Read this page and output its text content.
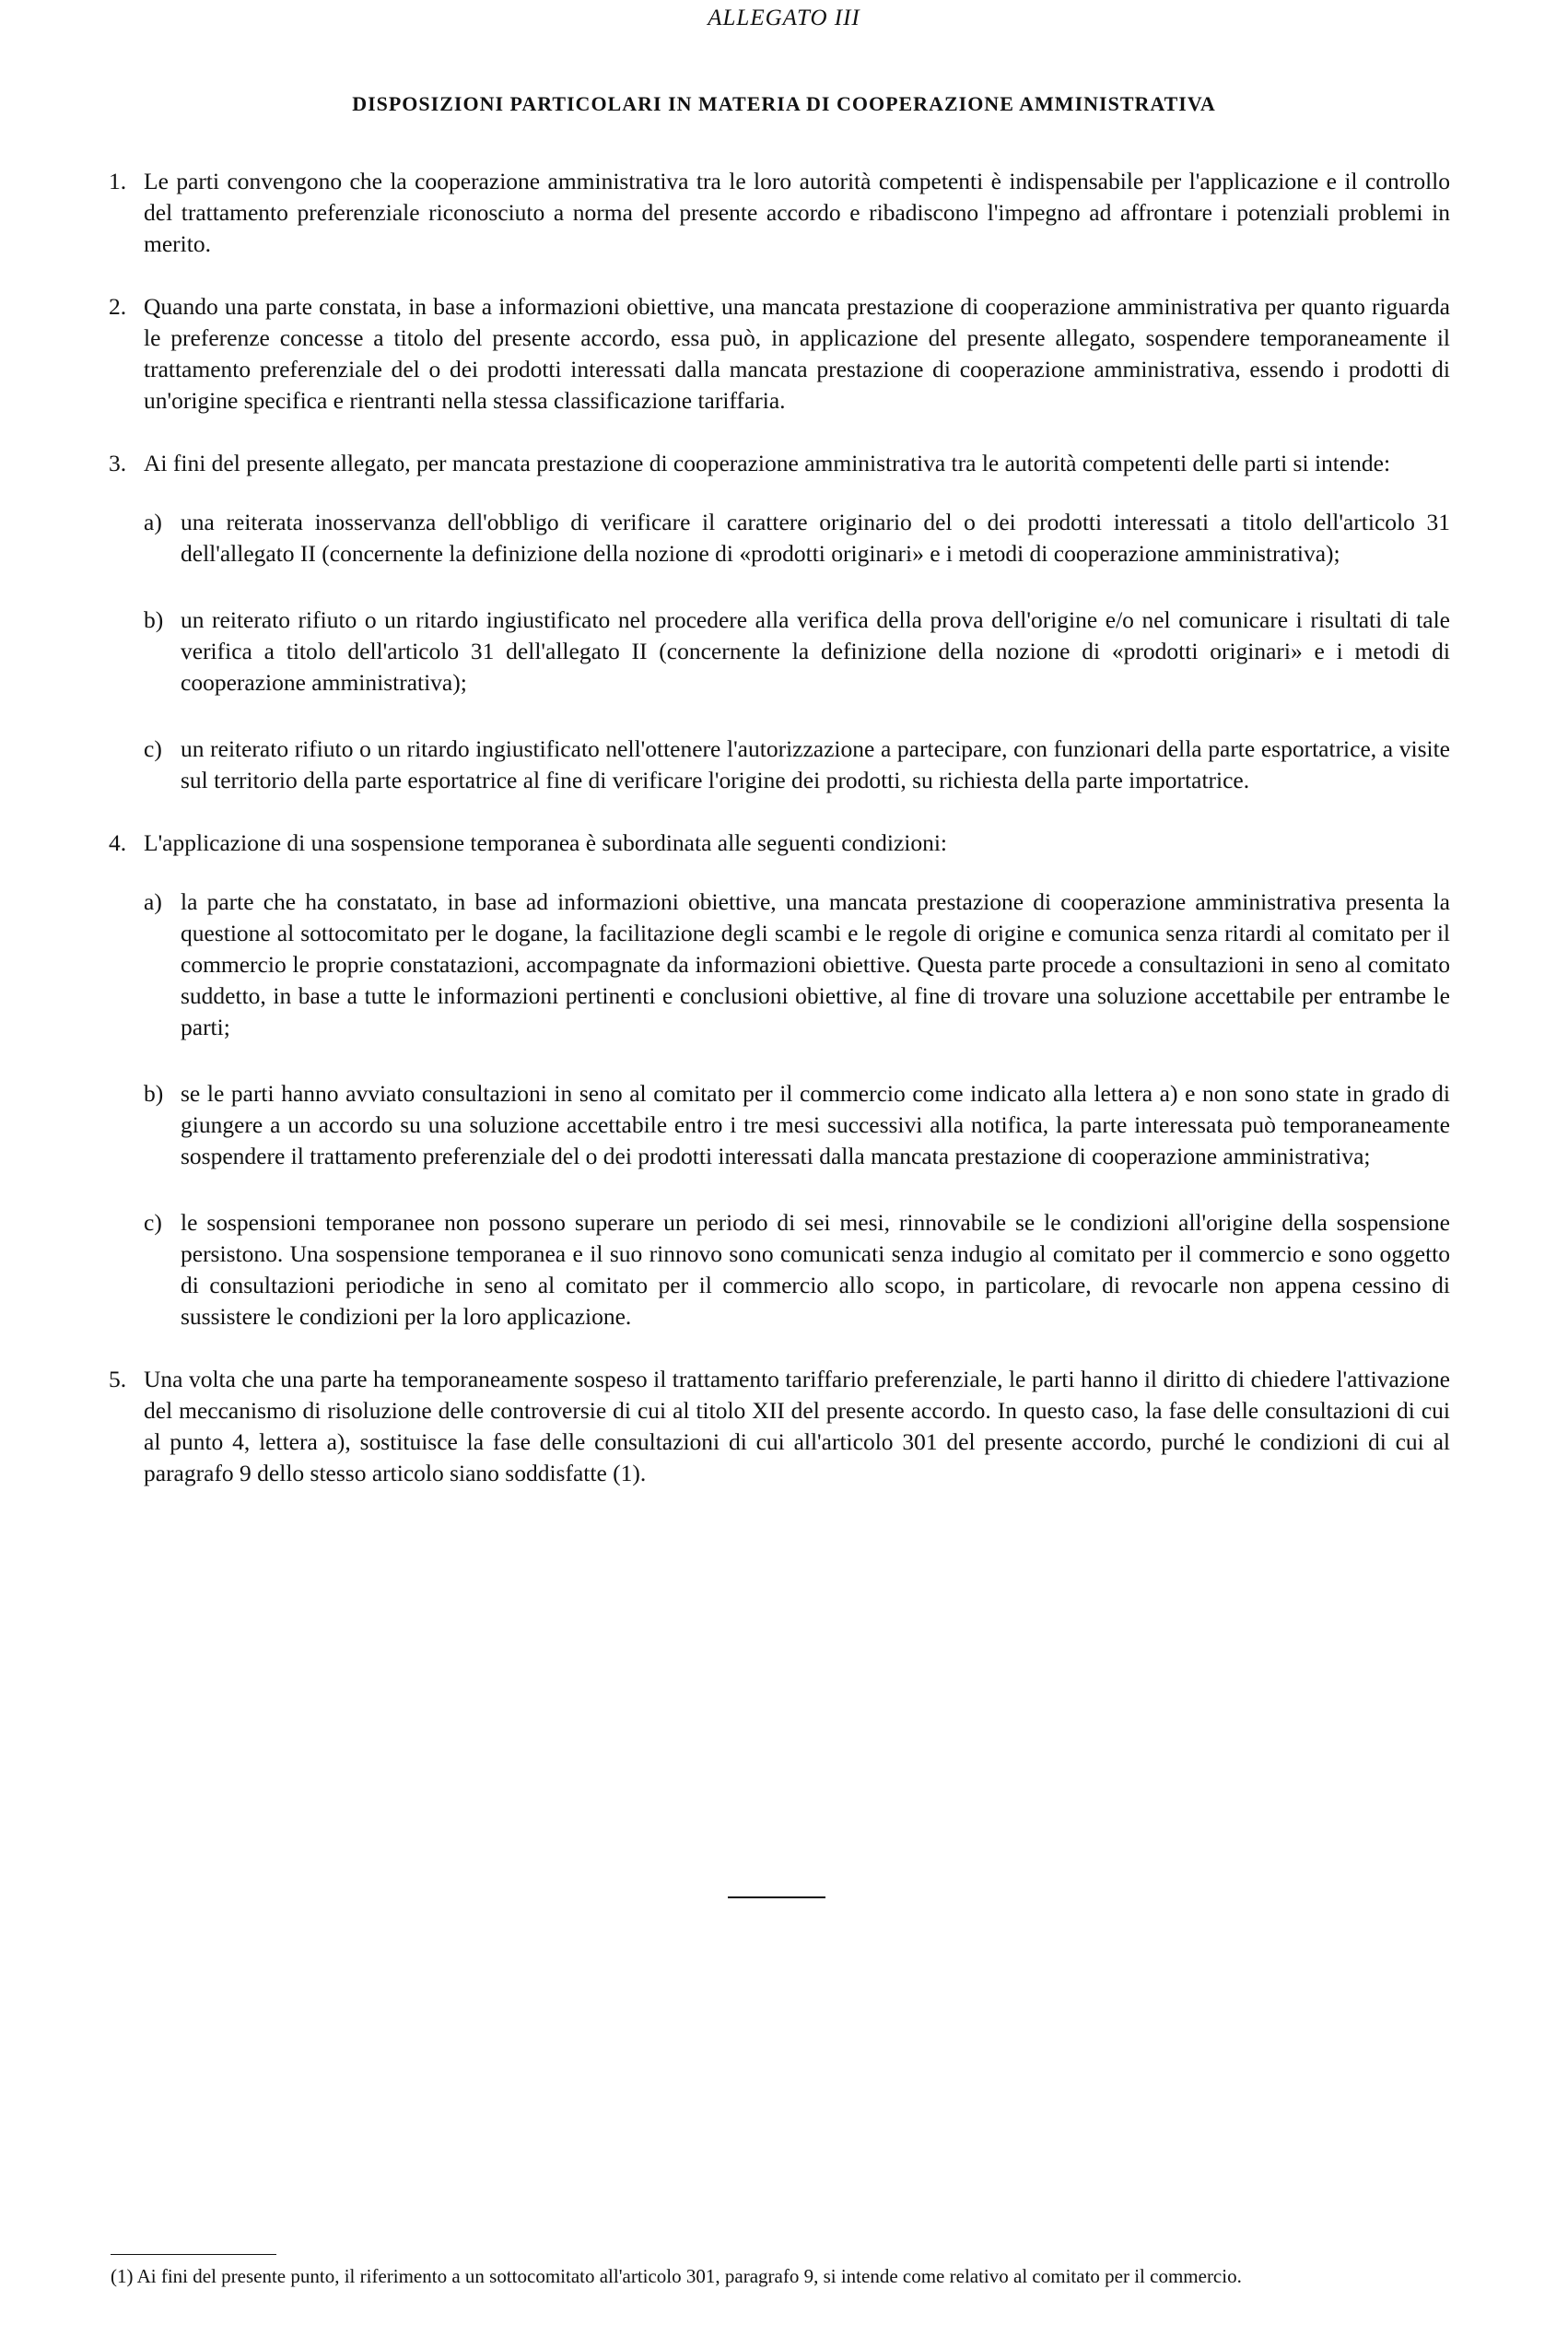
ALLEGATO III
DISPOSIZIONI PARTICOLARI IN MATERIA DI COOPERAZIONE AMMINISTRATIVA
1. Le parti convengono che la cooperazione amministrativa tra le loro autorità competenti è indispensabile per l'applicazione e il controllo del trattamento preferenziale riconosciuto a norma del presente accordo e ribadiscono l'impegno ad affrontare i potenziali problemi in merito.

2. Quando una parte constata, in base a informazioni obiettive, una mancata prestazione di cooperazione amministrativa per quanto riguarda le preferenze concesse a titolo del presente accordo, essa può, in applicazione del presente allegato, sospendere temporaneamente il trattamento preferenziale del o dei prodotti interessati dalla mancata prestazione di cooperazione amministrativa, essendo i prodotti di un'origine specifica e rientranti nella stessa classificazione tariffaria.

3. Ai fini del presente allegato, per mancata prestazione di cooperazione amministrativa tra le autorità competenti delle parti si intende:

a) una reiterata inosservanza dell'obbligo di verificare il carattere originario del o dei prodotti interessati a titolo dell'articolo 31 dell'allegato II (concernente la definizione della nozione di «prodotti originari» e i metodi di cooperazione amministrativa);

b) un reiterato rifiuto o un ritardo ingiustificato nel procedere alla verifica della prova dell'origine e/o nel comunicare i risultati di tale verifica a titolo dell'articolo 31 dell'allegato II (concernente la definizione della nozione di «prodotti originari» e i metodi di cooperazione amministrativa);

c) un reiterato rifiuto o un ritardo ingiustificato nell'ottenere l'autorizzazione a partecipare, con funzionari della parte esportatrice, a visite sul territorio della parte esportatrice al fine di verificare l'origine dei prodotti, su richiesta della parte importatrice.

4. L'applicazione di una sospensione temporanea è subordinata alle seguenti condizioni:

a) la parte che ha constatato, in base ad informazioni obiettive, una mancata prestazione di cooperazione amministrativa presenta la questione al sottocomitato per le dogane, la facilitazione degli scambi e le regole di origine e comunica senza ritardi al comitato per il commercio le proprie constatazioni, accompagnate da informazioni obiettive. Questa parte procede a consultazioni in seno al comitato suddetto, in base a tutte le informazioni pertinenti e conclusioni obiettive, al fine di trovare una soluzione accettabile per entrambe le parti;

b) se le parti hanno avviato consultazioni in seno al comitato per il commercio come indicato alla lettera a) e non sono state in grado di giungere a un accordo su una soluzione accettabile entro i tre mesi successivi alla notifica, la parte interessata può temporaneamente sospendere il trattamento preferenziale del o dei prodotti interessati dalla mancata prestazione di cooperazione amministrativa;

c) le sospensioni temporanee non possono superare un periodo di sei mesi, rinnovabile se le condizioni all'origine della sospensione persistono. Una sospensione temporanea e il suo rinnovo sono comunicati senza indugio al comitato per il commercio e sono oggetto di consultazioni periodiche in seno al comitato per il commercio allo scopo, in particolare, di revocarle non appena cessino di sussistere le condizioni per la loro applicazione.

5. Una volta che una parte ha temporaneamente sospeso il trattamento tariffario preferenziale, le parti hanno il diritto di chiedere l'attivazione del meccanismo di risoluzione delle controversie di cui al titolo XII del presente accordo. In questo caso, la fase delle consultazioni di cui al punto 4, lettera a), sostituisce la fase delle consultazioni di cui all'articolo 301 del presente accordo, purché le condizioni di cui al paragrafo 9 dello stesso articolo siano soddisfatte (1).

(1) Ai fini del presente punto, il riferimento a un sottocomitato all'articolo 301, paragrafo 9, si intende come relativo al comitato per il commercio.
